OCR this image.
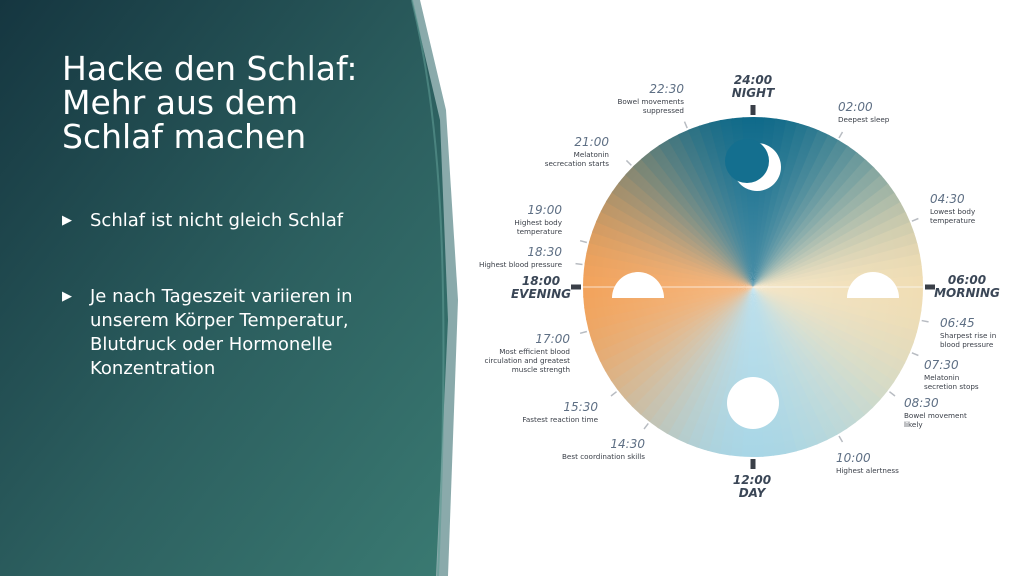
Hacke den Schlaf:
Mehr aus dem
Schlaf machen
▶	Schlaf ist nicht gleich Schlaf
▶	Je nach Tageszeit variieren in unserem Körper Temperatur, Blutdruck oder Hormonelle Konzentration
24:00
NIGHT
06:00
MORNING
12:00
DAY
18:00
EVENING
02:00
Deepest sleep
04:30
Lowest body
temperature
06:45
Sharpest rise in
blood pressure
07:30
Melatonin
secretion stops
08:30
Bowel movement
likely
10:00
Highest alertness
14:30
Best coordination skills
15:30
Fastest reaction time
17:00
Most efficient blood
circulation and greatest
muscle strength
18:30
Highest blood pressure
19:00
Highest body
temperature
21:00
Melatonin
secrecation starts
22:30
Bowel movements
suppressed
